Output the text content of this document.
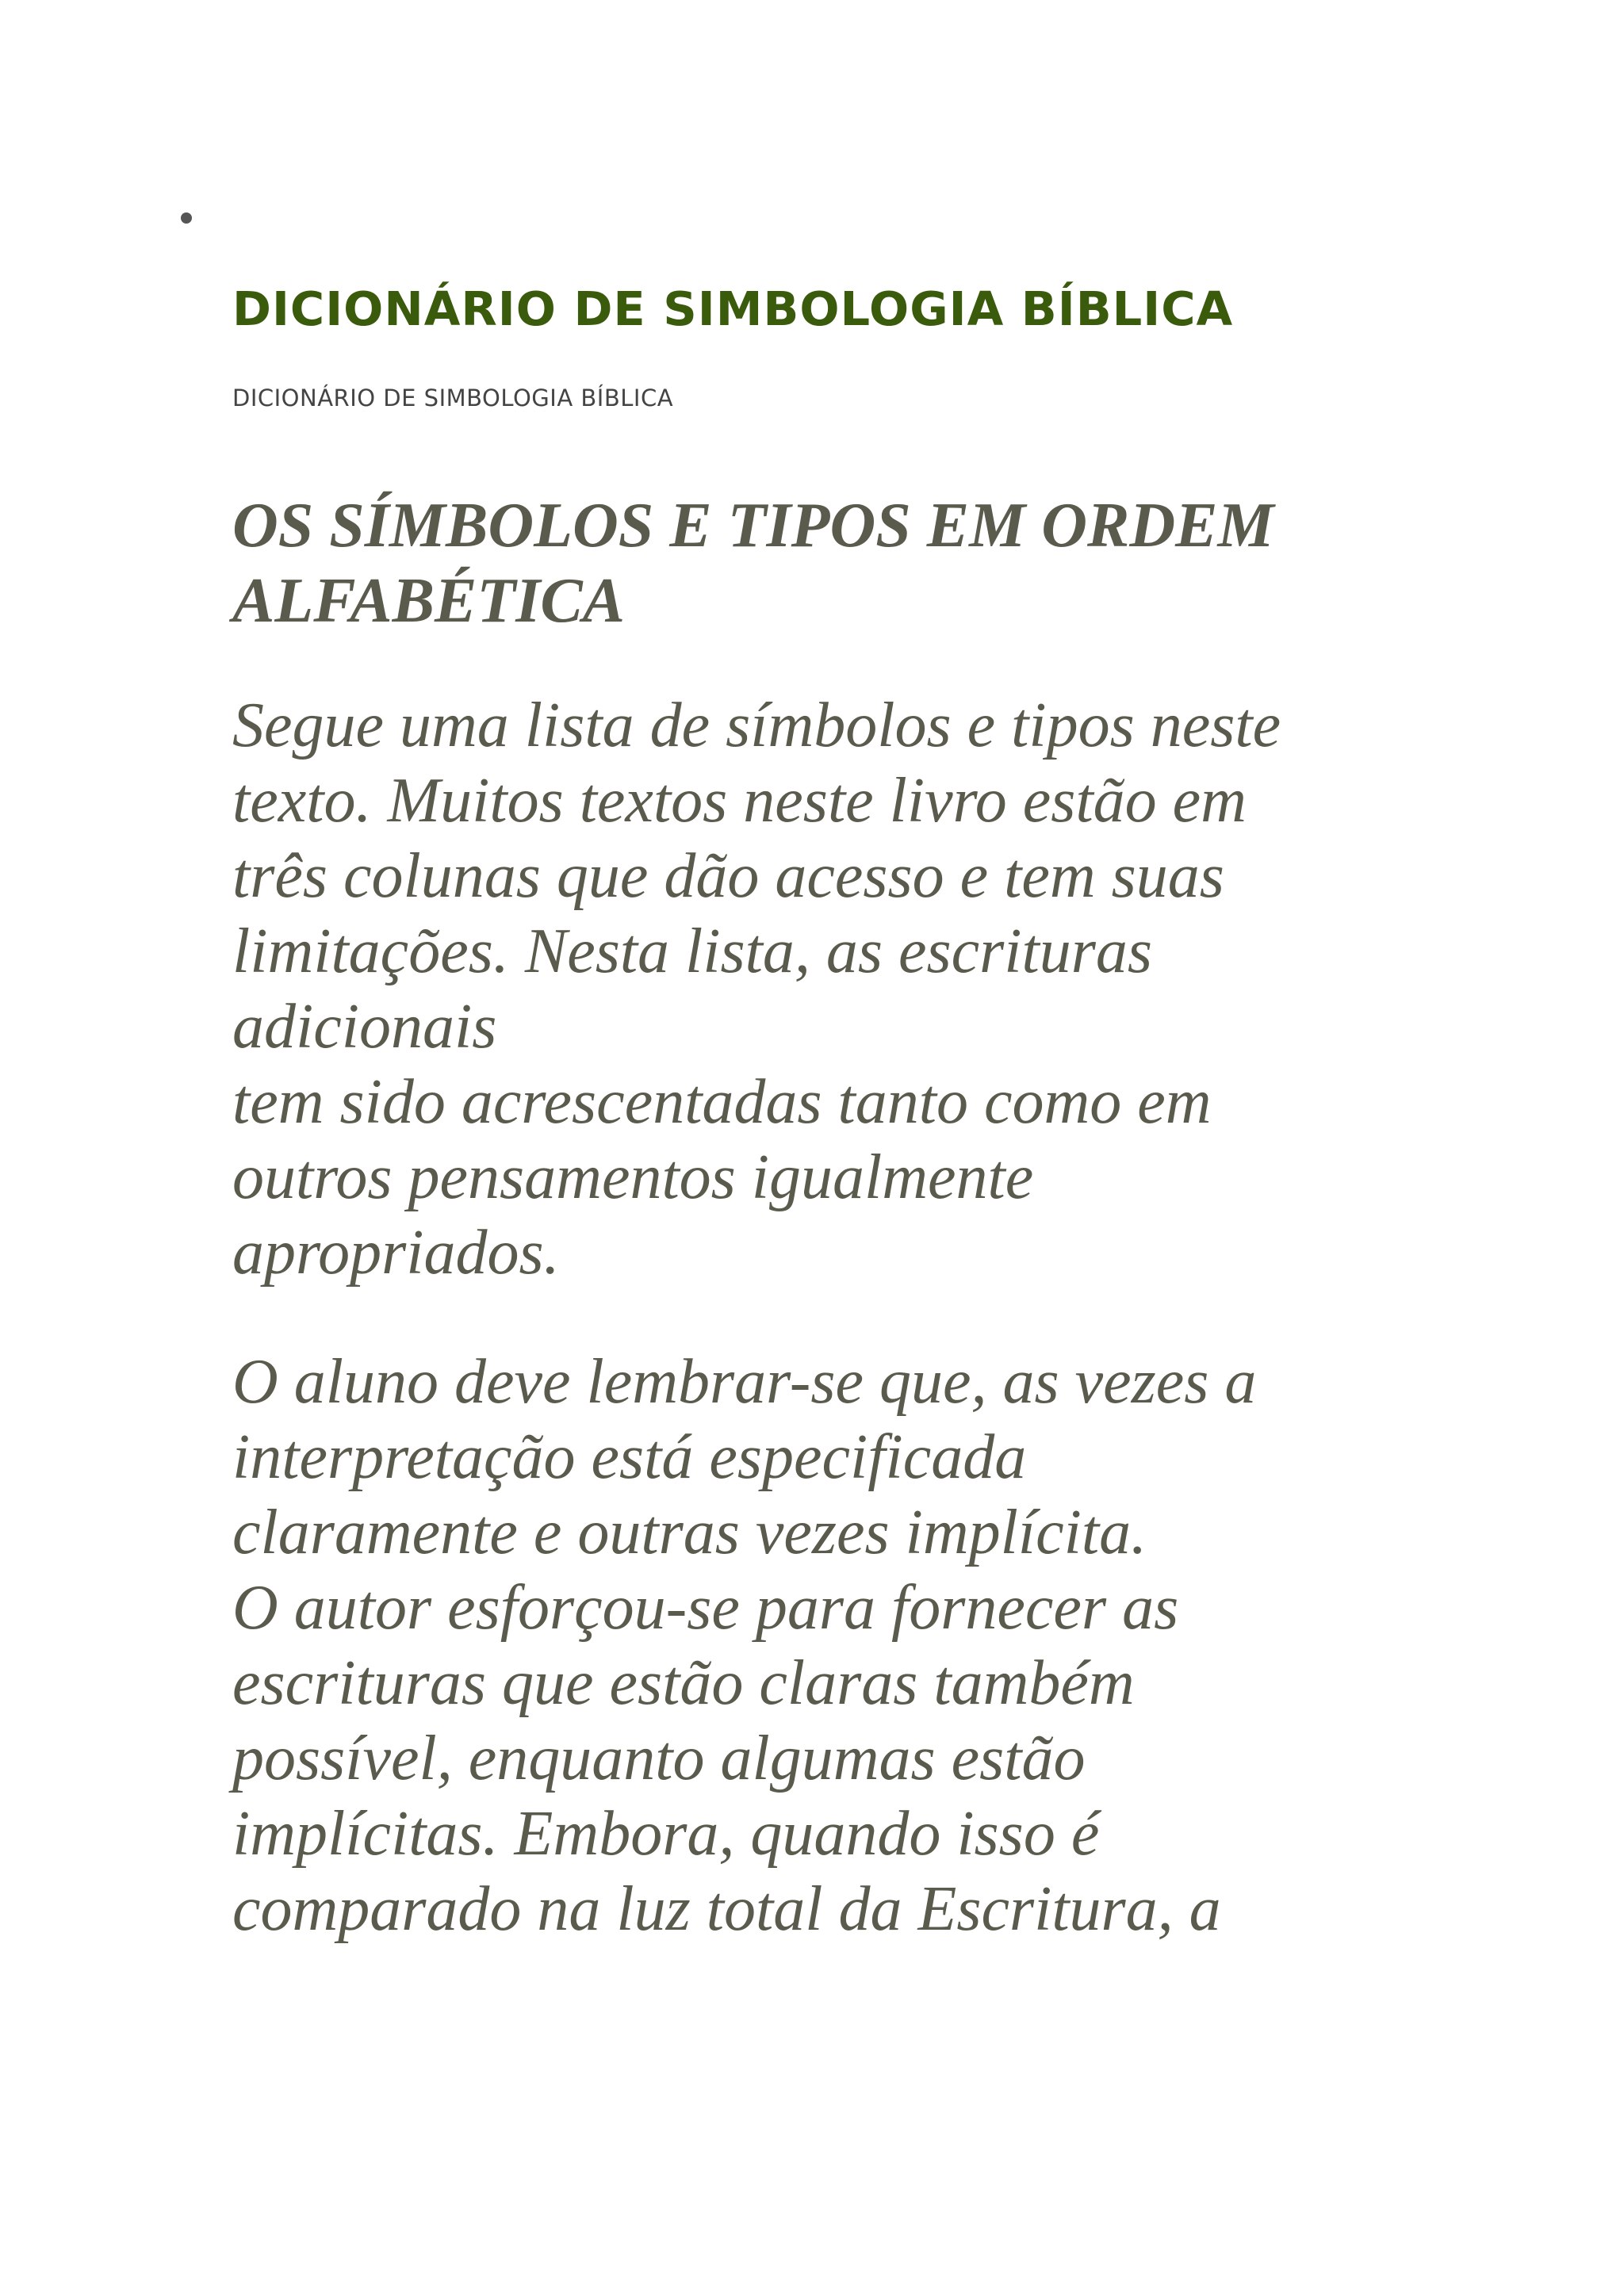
DICIONÁRIO DE SIMBOLOGIA BÍBLICA
DICIONÁRIO DE SIMBOLOGIA BÍBLICA
OS SÍMBOLOS E TIPOS EM ORDEM
ALFABÉTICA

Segue uma lista de símbolos e tipos neste
texto. Muitos textos neste livro estão em
três colunas que dão acesso e tem suas
limitações. Nesta lista, as escrituras
adicionais
tem sido acrescentadas tanto como em
outros pensamentos igualmente
apropriados.

O aluno deve lembrar-se que, as vezes a
interpretação está especificada
claramente e outras vezes implícita.
O autor esforçou-se para fornecer as
escrituras que estão claras também
possível, enquanto algumas estão
implícitas. Embora, quando isso é
comparado na luz total da Escritura, a
